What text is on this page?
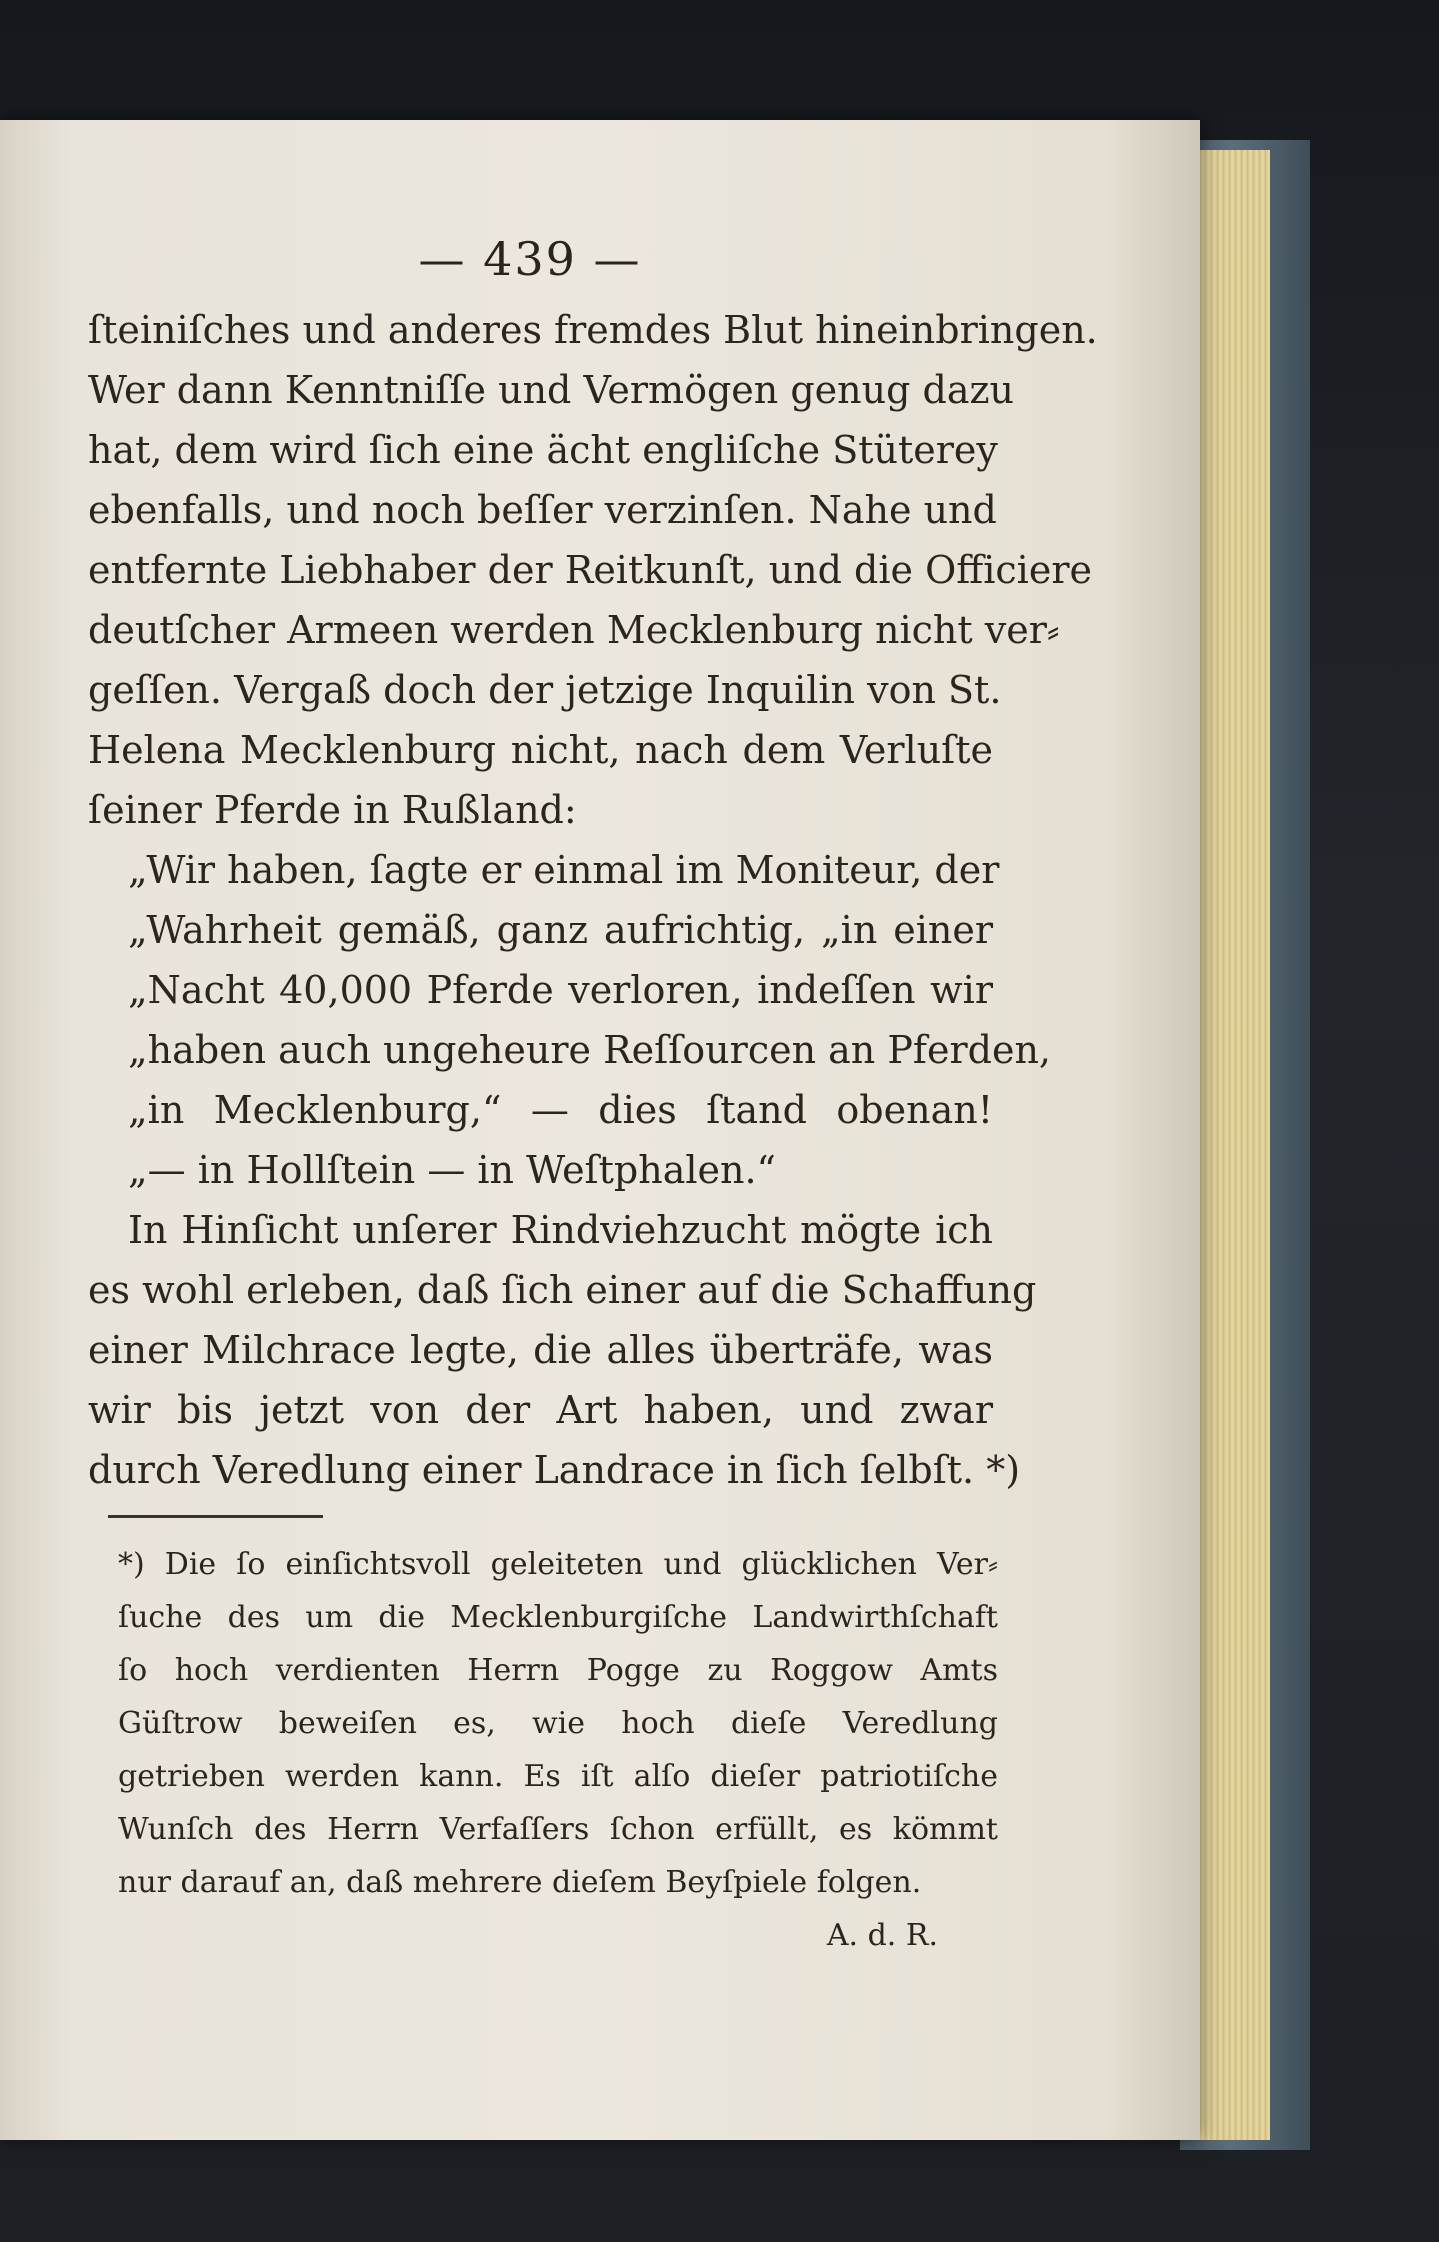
— 439 —
ſteiniſches und anderes fremdes Blut hineinbringen.
Wer dann Kenntniſſe und Vermögen genug dazu
hat, dem wird ſich eine ächt engliſche Stüterey
ebenfalls, und noch beſſer verzinſen. Nahe und
entfernte Liebhaber der Reitkunſt, und die Officiere
deutſcher Armeen werden Mecklenburg nicht ver⸗
geſſen. Vergaß doch der jetzige Inquilin von St.
Helena Mecklenburg nicht, nach dem Verluſte
ſeiner Pferde in Rußland:
„Wir haben, ſagte er einmal im Moniteur, der
„Wahrheit gemäß, ganz aufrichtig, „in einer
„Nacht 40,000 Pferde verloren, indeſſen wir
„haben auch ungeheure Reſſourcen an Pferden,
„in Mecklenburg,“ — dies ſtand obenan!
„— in Hollſtein — in Weſtphalen.“
In Hinſicht unſerer Rindviehzucht mögte ich
es wohl erleben, daß ſich einer auf die Schaffung
einer Milchrace legte, die alles überträfe, was
wir bis jetzt von der Art haben, und zwar
durch Veredlung einer Landrace in ſich ſelbſt. *)
*) Die ſo einſichtsvoll geleiteten und glücklichen Ver⸗
ſuche des um die Mecklenburgiſche Landwirthſchaft
ſo hoch verdienten Herrn Pogge zu Roggow Amts
Güſtrow beweiſen es, wie hoch dieſe Veredlung
getrieben werden kann. Es iſt alſo dieſer patriotiſche
Wunſch des Herrn Verfaſſers ſchon erfüllt, es kömmt
nur darauf an, daß mehrere dieſem Beyſpiele folgen.
A. d. R.
